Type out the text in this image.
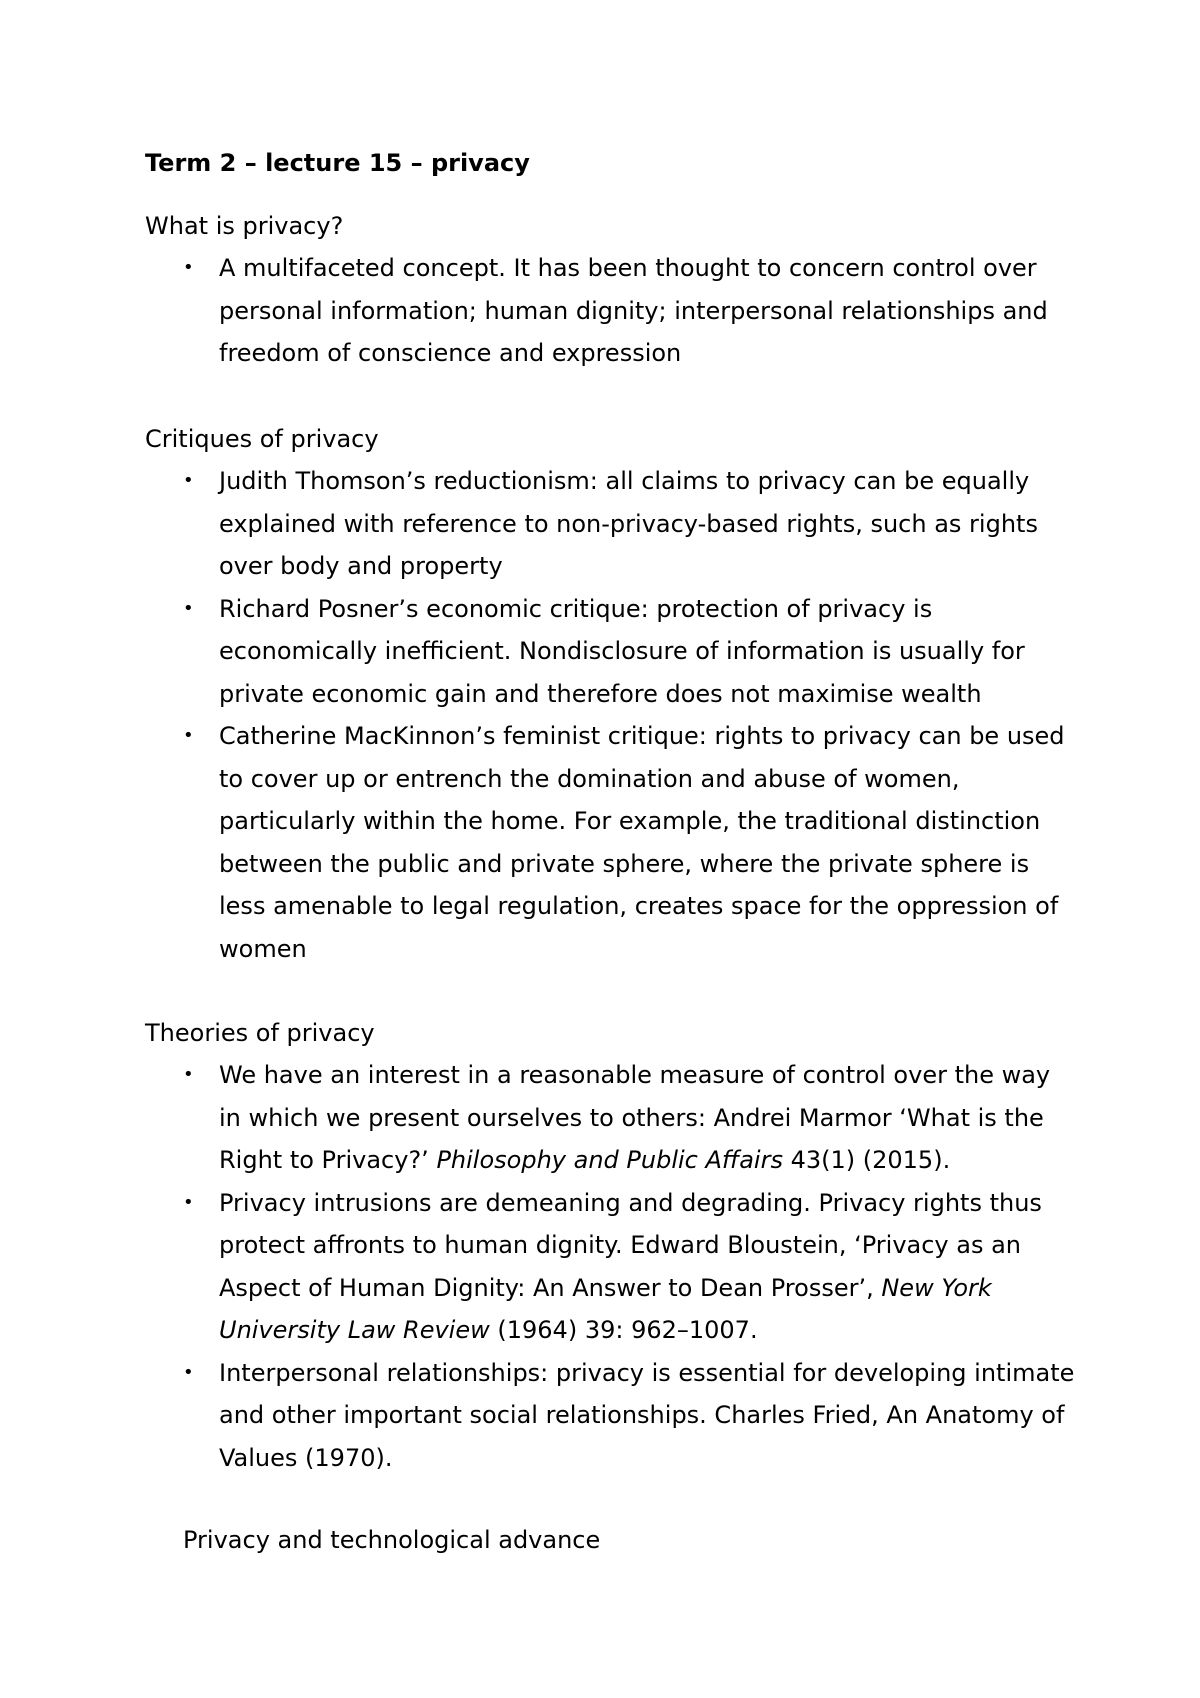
Term 2 – lecture 15 – privacy
What is privacy?
• A multifaceted concept. It has been thought to concern control over personal information; human dignity; interpersonal relationships and freedom of conscience and expression
Critiques of privacy
• Judith Thomson’s reductionism: all claims to privacy can be equally explained with reference to non-privacy-based rights, such as rights over body and property
• Richard Posner’s economic critique: protection of privacy is economically inefficient. Nondisclosure of information is usually for private economic gain and therefore does not maximise wealth
• Catherine MacKinnon’s feminist critique: rights to privacy can be used to cover up or entrench the domination and abuse of women, particularly within the home. For example, the traditional distinction between the public and private sphere, where the private sphere is less amenable to legal regulation, creates space for the oppression of women
Theories of privacy
• We have an interest in a reasonable measure of control over the way in which we present ourselves to others: Andrei Marmor ‘What is the Right to Privacy?’ Philosophy and Public Affairs 43(1) (2015).
• Privacy intrusions are demeaning and degrading. Privacy rights thus protect affronts to human dignity. Edward Bloustein, ‘Privacy as an Aspect of Human Dignity: An Answer to Dean Prosser’, New York University Law Review (1964) 39: 962–1007.
• Interpersonal relationships: privacy is essential for developing intimate and other important social relationships. Charles Fried, An Anatomy of Values (1970).
Privacy and technological advance
